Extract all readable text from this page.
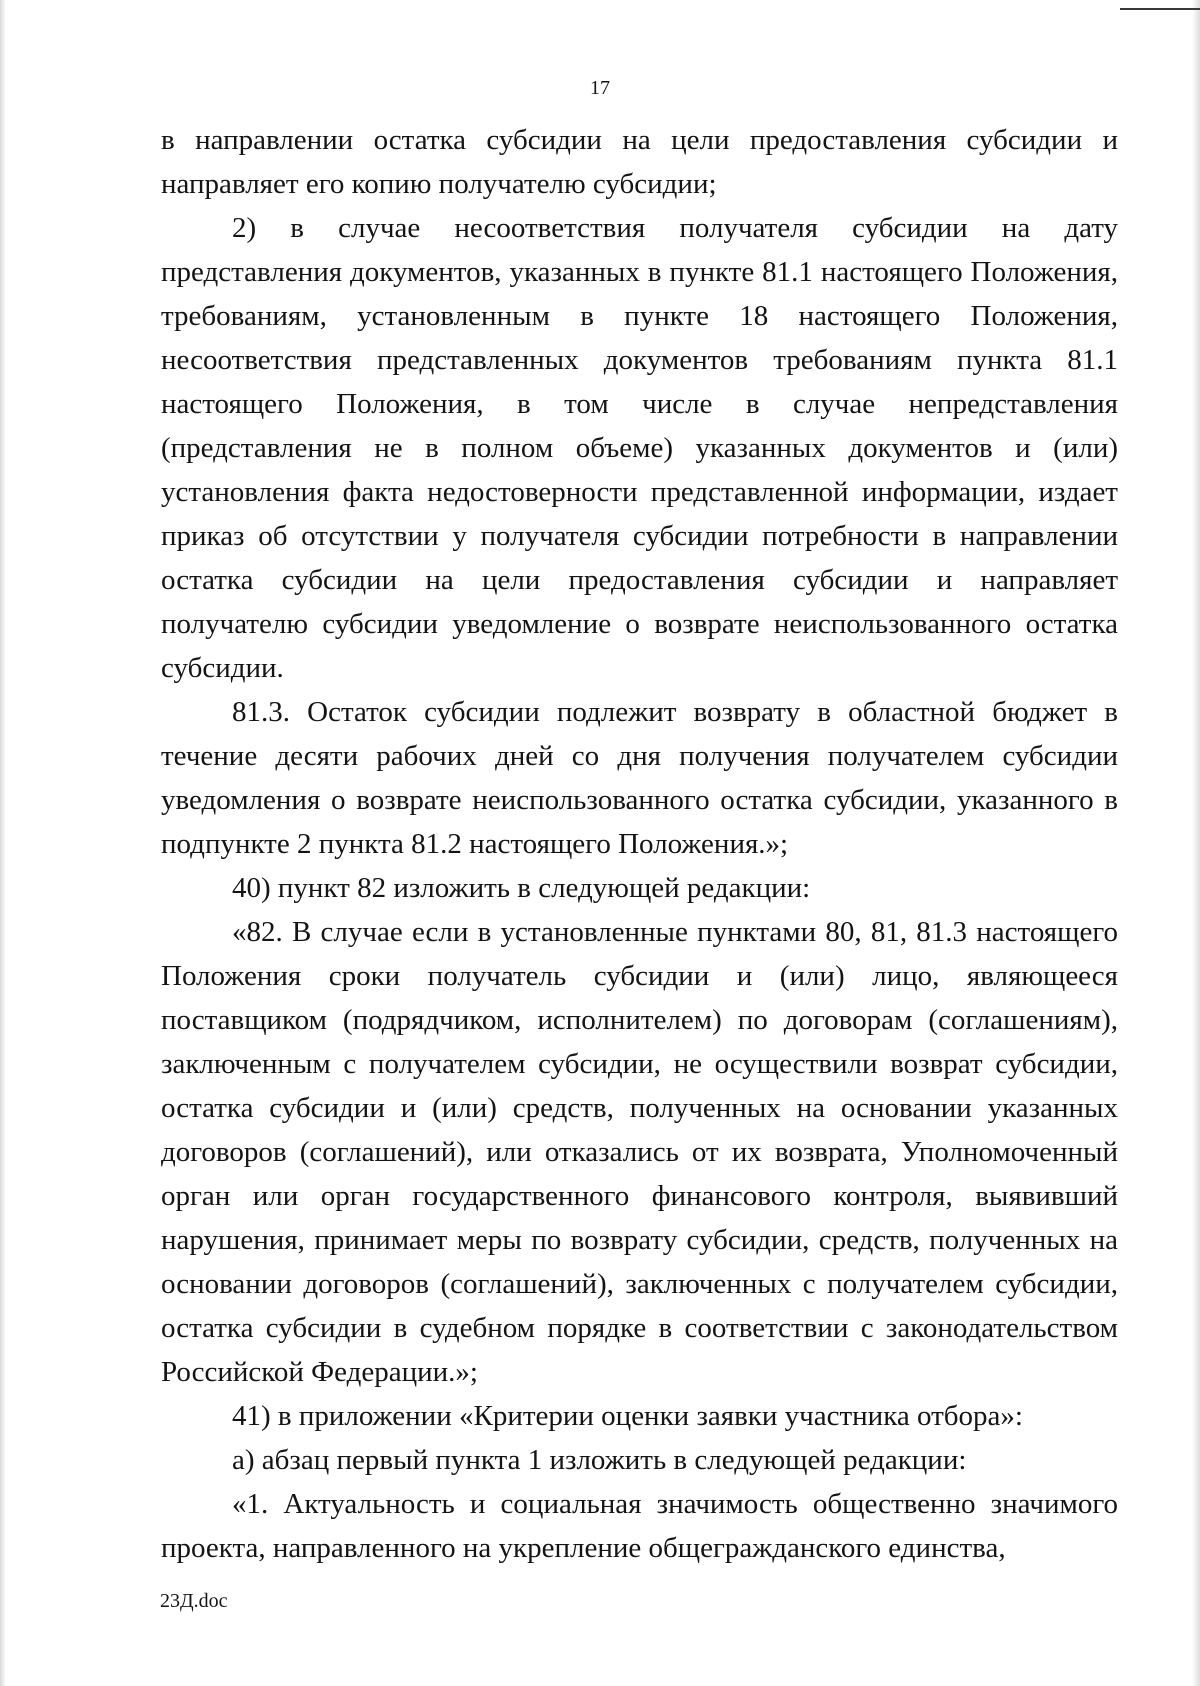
17

в направлении остатка субсидии на цели предоставления субсидии и направляет его копию получателю субсидии;

2) в случае несоответствия получателя субсидии на дату представления документов, указанных в пункте 81.1 настоящего Положения, требованиям, установленным в пункте 18 настоящего Положения, несоответствия представленных документов требованиям пункта 81.1 настоящего Положения, в том числе в случае непредставления (представления не в полном объеме) указанных документов и (или) установления факта недостоверности представленной информации, издает приказ об отсутствии у получателя субсидии потребности в направлении остатка субсидии на цели предоставления субсидии и направляет получателю субсидии уведомление о возврате неиспользованного остатка субсидии.

81.3. Остаток субсидии подлежит возврату в областной бюджет в течение десяти рабочих дней со дня получения получателем субсидии уведомления о возврате неиспользованного остатка субсидии, указанного в подпункте 2 пункта 81.2 настоящего Положения.»;

40) пункт 82 изложить в следующей редакции:

«82. В случае если в установленные пунктами 80, 81, 81.3 настоящего Положения сроки получатель субсидии и (или) лицо, являющееся поставщиком (подрядчиком, исполнителем) по договорам (соглашениям), заключенным с получателем субсидии, не осуществили возврат субсидии, остатка субсидии и (или) средств, полученных на основании указанных договоров (соглашений), или отказались от их возврата, Уполномоченный орган или орган государственного финансового контроля, выявивший нарушения, принимает меры по возврату субсидии, средств, полученных на основании договоров (соглашений), заключенных с получателем субсидии, остатка субсидии в судебном порядке в соответствии с законодательством Российской Федерации.»;

41) в приложении «Критерии оценки заявки участника отбора»:

а) абзац первый пункта 1 изложить в следующей редакции:

«1. Актуальность и социальная значимость общественно значимого проекта, направленного на укрепление общегражданского единства,

23Д.doc
